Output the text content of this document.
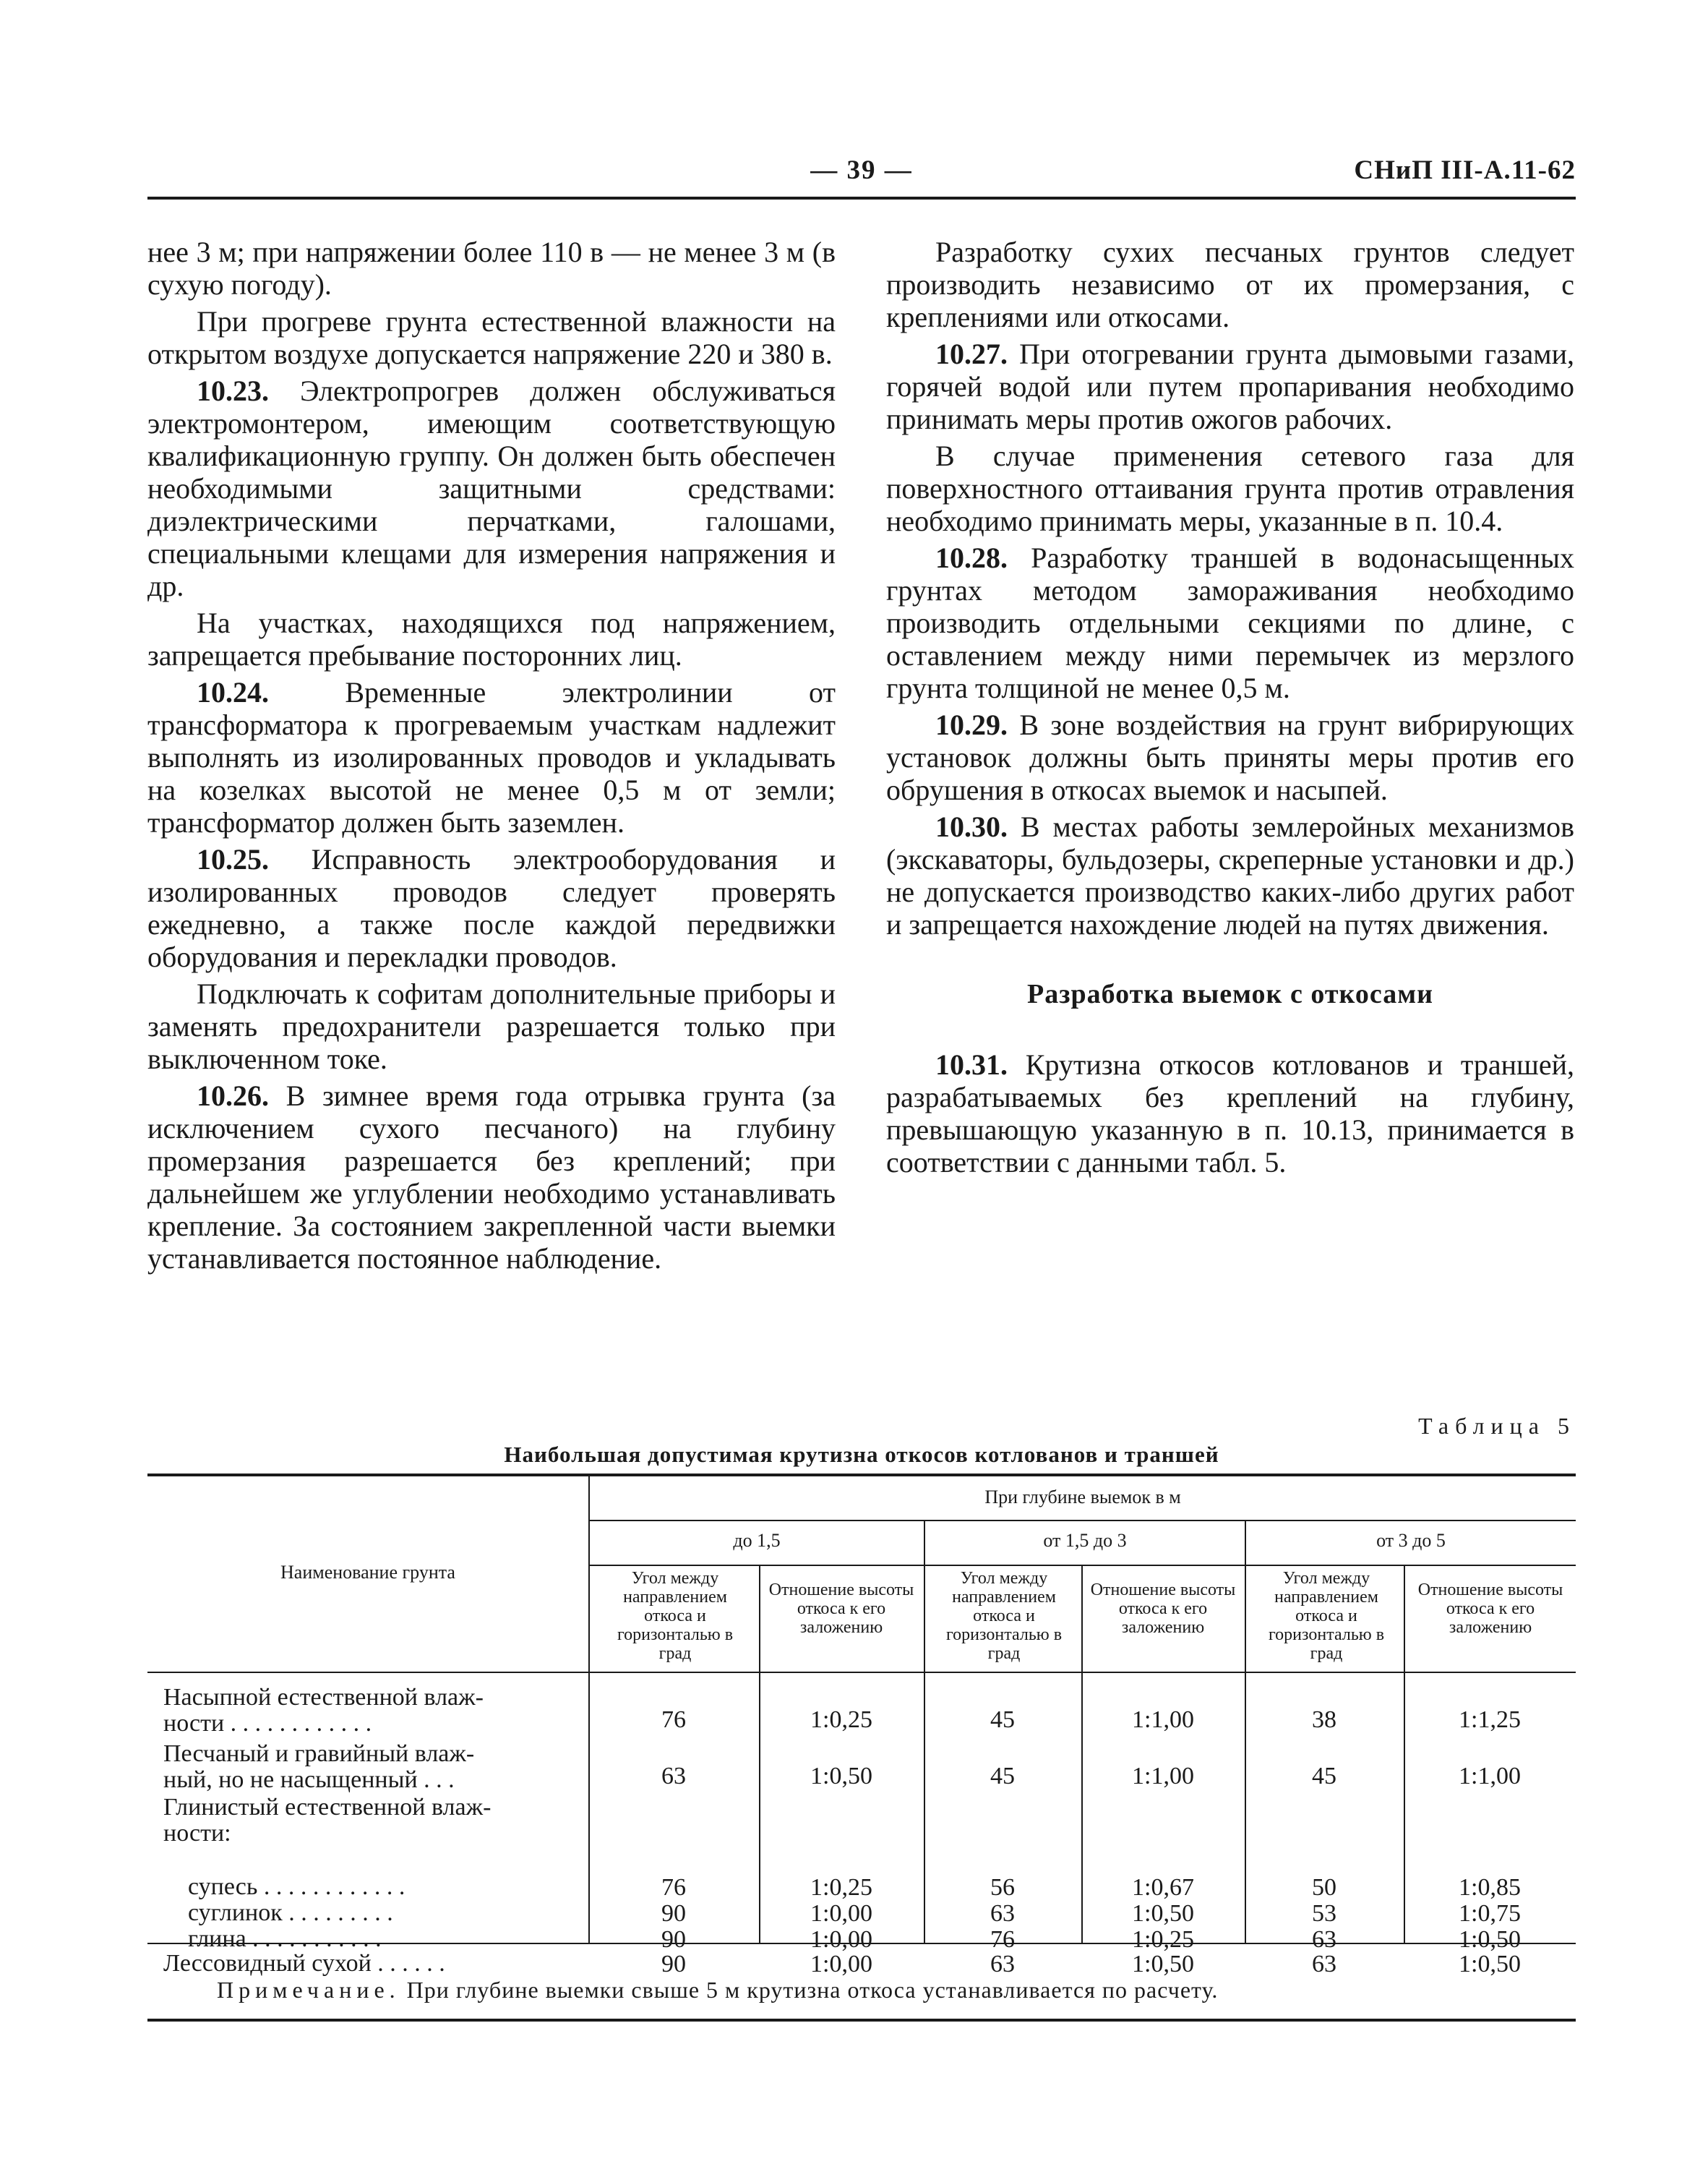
— 39 —	СНиП III-А.11-62

нее 3 м; при напряжении более 110 в — не менее 3 м (в сухую погоду).

При прогреве грунта естественной влажности на открытом воздухе допускается напряжение 220 и 380 в.

10.23. Электропрогрев должен обслуживаться электромонтером, имеющим соответствующую квалификационную группу. Он должен быть обеспечен необходимыми защитными средствами: диэлектрическими перчатками, галошами, специальными клещами для измерения напряжения и др.

На участках, находящихся под напряжением, запрещается пребывание посторонних лиц.

10.24. Временные электролинии от трансформатора к прогреваемым участкам надлежит выполнять из изолированных проводов и укладывать на козелках высотой не менее 0,5 м от земли; трансформатор должен быть заземлен.

10.25. Исправность электрооборудования и изолированных проводов следует проверять ежедневно, а также после каждой передвижки оборудования и перекладки проводов.

Подключать к софитам дополнительные приборы и заменять предохранители разрешается только при выключенном токе.

10.26. В зимнее время года отрывка грунта (за исключением сухого песчаного) на глубину промерзания разрешается без креплений; при дальнейшем же углублении необходимо устанавливать крепление. За состоянием закрепленной части выемки устанавливается постоянное наблюдение.

Разработку сухих песчаных грунтов следует производить независимо от их промерзания, с креплениями или откосами.

10.27. При отогревании грунта дымовыми газами, горячей водой или путем пропаривания необходимо принимать меры против ожогов рабочих.

В случае применения сетевого газа для поверхностного оттаивания грунта против отравления необходимо принимать меры, указанные в п. 10.4.

10.28. Разработку траншей в водонасыщенных грунтах методом замораживания необходимо производить отдельными секциями по длине, с оставлением между ними перемычек из мерзлого грунта толщиной не менее 0,5 м.

10.29. В зоне воздействия на грунт вибрирующих установок должны быть приняты меры против его обрушения в откосах выемок и насыпей.

10.30. В местах работы землеройных механизмов (экскаваторы, бульдозеры, скреперные установки и др.) не допускается производство каких-либо других работ и запрещается нахождение людей на путях движения.

Разработка выемок с откосами

10.31. Крутизна откосов котлованов и траншей, разрабатываемых без креплений на глубину, превышающую указанную в п. 10.13, принимается в соответствии с данными табл. 5.

Таблица 5
Наибольшая допустимая крутизна откосов котлованов и траншей
Наименование грунта
При глубине выемок в м
до 1,5	от 1,5 до 3	от 3 до 5
Угол между направлением откоса и горизонталью в град
Отношение высоты откоса к его заложению
Угол между направлением откоса и горизонталью в град
Отношение высоты откоса к его заложению
Угол между направлением откоса и горизонталью в град
Отношение высоты откоса к его заложению
Насыпной естественной влаж-
ности . . . . . . . . . . . .	76	1:0,25	45	1:1,00	38	1:1,25
Песчаный и гравийный влаж-
ный, но не насыщенный . . .	63	1:0,50	45	1:1,00	45	1:1,00
Глинистый естественной влаж-
ности:
супесь . . . . . . . . . . . .	76	1:0,25	56	1:0,67	50	1:0,85
суглинок . . . . . . . . .	90	1:0,00	63	1:0,50	53	1:0,75
глина . . . . . . . . . . .	90	1:0,00	76	1:0,25	63	1:0,50
Лессовидный сухой . . . . . .	90	1:0,00	63	1:0,50	63	1:0,50
Примечание. При глубине выемки свыше 5 м крутизна откоса устанавливается по расчету.
